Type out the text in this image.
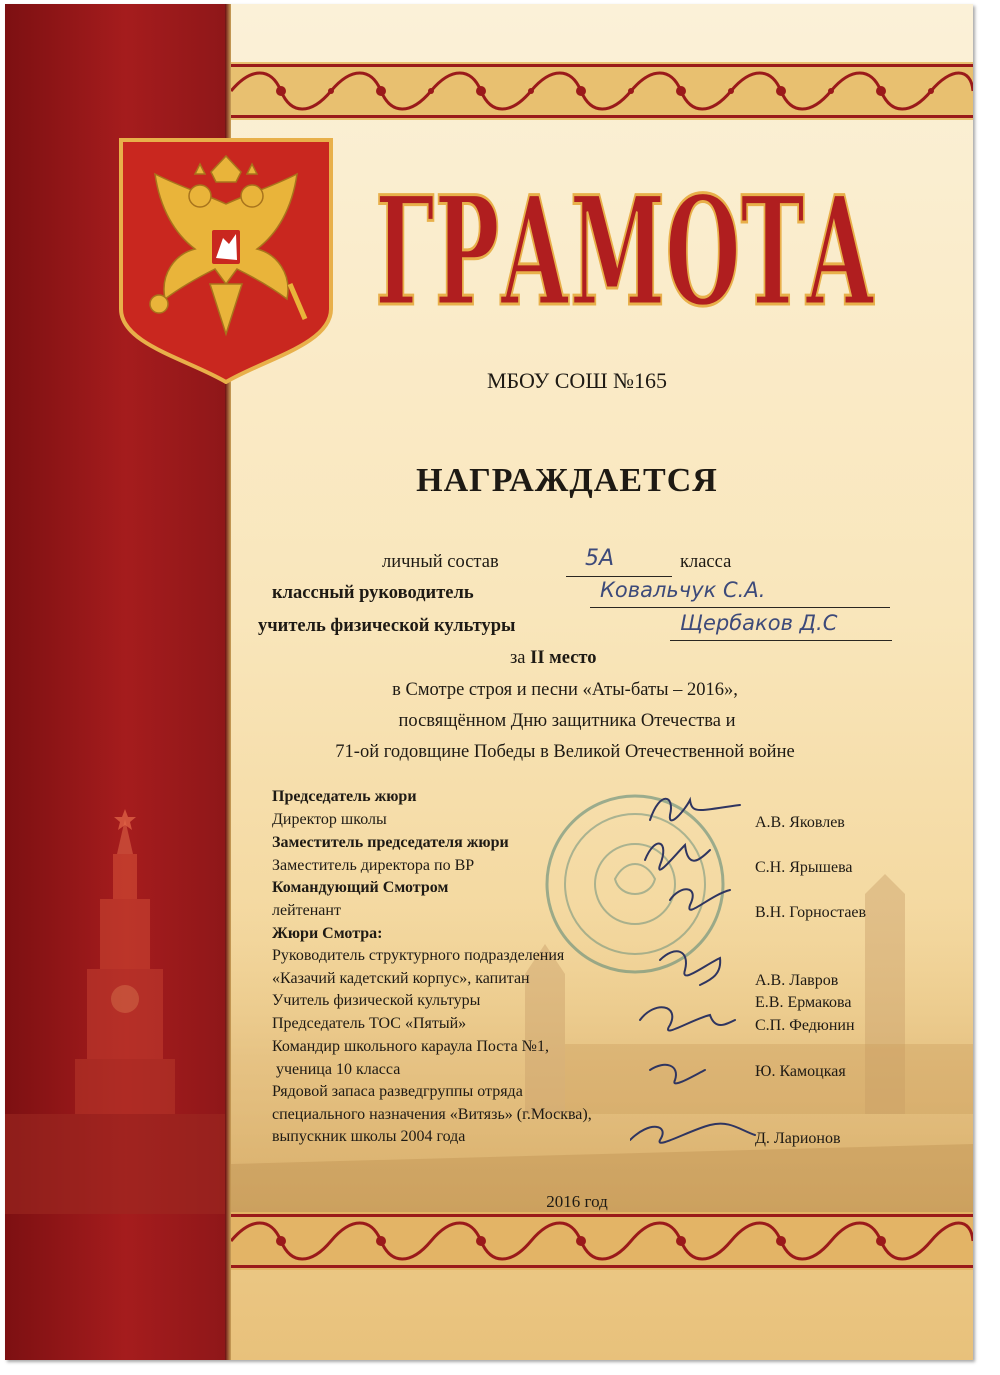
ГРАМОТА
МБОУ СОШ №165
НАГРАЖДАЕТСЯ
личный состав	5А	класса
классный руководитель	Ковальчук С.А.
учитель физической культуры	Щербаков Д.С
за II место
в Смотре строя и песни «Аты-баты – 2016»,
посвящённом Дню защитника Отечества и
71-ой годовщине Победы в Великой Отечественной войне
Председатель жюри
Директор школы	А.В. Яковлев
Заместитель председателя жюри
Заместитель директора по ВР	С.Н. Ярышева
Командующий Смотром
лейтенант	В.Н. Горностаев
Жюри Смотра:
Руководитель структурного подразделения
«Казачий кадетский корпус», капитан	А.В. Лавров
Учитель физической культуры	Е.В. Ермакова
Председатель ТОС «Пятый»	С.П. Федюнин
Командир школьного караула Поста №1,
ученица 10 класса	Ю. Камоцкая
Рядовой запаса разведгруппы отряда
специального назначения «Витязь» (г.Москва),
выпускник школы 2004 года	Д. Ларионов
2016 год
